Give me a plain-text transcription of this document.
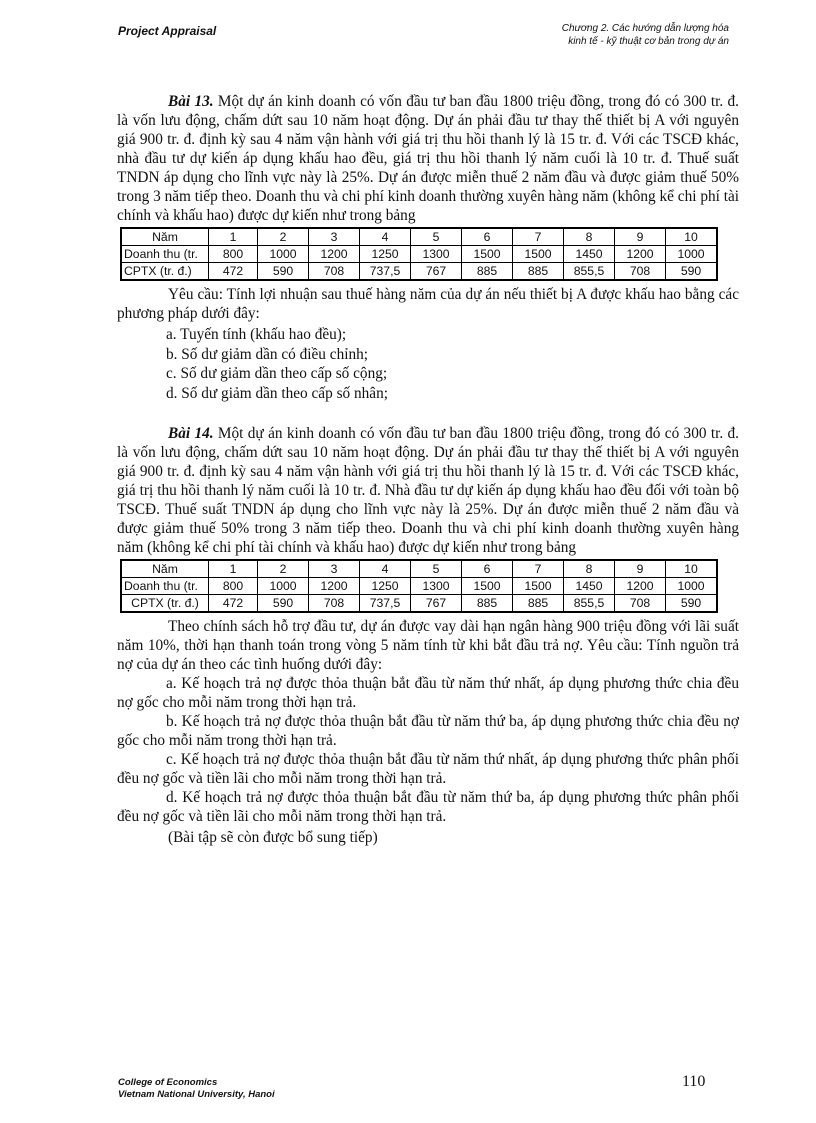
Project Appraisal	Chương 2. Các hướng dẫn lượng hóa
kinh tế - kỹ thuật cơ bản trong dự án

Bài 13. Một dự án kinh doanh có vốn đầu tư ban đầu 1800 triệu đồng, trong đó có 300 tr. đ. là vốn lưu động, chấm dứt sau 10 năm hoạt động. Dự án phải đầu tư thay thế thiết bị A với nguyên giá 900 tr. đ. định kỳ sau 4 năm vận hành với giá trị thu hồi thanh lý là 15 tr. đ. Với các TSCĐ khác, nhà đầu tư dự kiến áp dụng khấu hao đều, giá trị thu hồi thanh lý năm cuối là 10 tr. đ. Thuế suất TNDN áp dụng cho lĩnh vực này là 25%. Dự án được miễn thuế 2 năm đầu và được giảm thuế 50% trong 3 năm tiếp theo. Doanh thu và chi phí kinh doanh thường xuyên hàng năm (không kể chi phí tài chính và khấu hao) được dự kiến như trong bảng

Năm	1	2	3	4	5	6	7	8	9	10
Doanh thu (tr.	800	1000	1200	1250	1300	1500	1500	1450	1200	1000
CPTX (tr. đ.)	472	590	708	737,5	767	885	885	855,5	708	590

Yêu cầu: Tính lợi nhuận sau thuế hàng năm của dự án nếu thiết bị A được khấu hao bằng các phương pháp dưới đây:

a. Tuyến tính (khấu hao đều);
b. Số dư giảm dần có điều chỉnh;
c. Số dư giảm dần theo cấp số cộng;
d. Số dư giảm dần theo cấp số nhân;

Bài 14. Một dự án kinh doanh có vốn đầu tư ban đầu 1800 triệu đồng, trong đó có 300 tr. đ. là vốn lưu động, chấm dứt sau 10 năm hoạt động. Dự án phải đầu tư thay thế thiết bị A với nguyên giá 900 tr. đ. định kỳ sau 4 năm vận hành với giá trị thu hồi thanh lý là 15 tr. đ. Với các TSCĐ khác, giá trị thu hồi thanh lý năm cuối là 10 tr. đ. Nhà đầu tư dự kiến áp dụng khấu hao đều đối với toàn bộ TSCĐ. Thuế suất TNDN áp dụng cho lĩnh vực này là 25%. Dự án được miễn thuế 2 năm đầu và được giảm thuế 50% trong 3 năm tiếp theo. Doanh thu và chi phí kinh doanh thường xuyên hàng năm (không kể chi phí tài chính và khấu hao) được dự kiến như trong bảng

Năm	1	2	3	4	5	6	7	8	9	10
Doanh thu (tr.	800	1000	1200	1250	1300	1500	1500	1450	1200	1000
CPTX (tr. đ.)	472	590	708	737,5	767	885	885	855,5	708	590

Theo chính sách hỗ trợ đầu tư, dự án được vay dài hạn ngân hàng 900 triệu đồng với lãi suất năm 10%, thời hạn thanh toán trong vòng 5 năm tính từ khi bắt đầu trả nợ. Yêu cầu: Tính nguồn trả nợ của dự án theo các tình huống dưới đây:

a. Kế hoạch trả nợ được thỏa thuận bắt đầu từ năm thứ nhất, áp dụng phương thức chia đều nợ gốc cho mỗi năm trong thời hạn trả.

b. Kế hoạch trả nợ được thỏa thuận bắt đầu từ năm thứ ba, áp dụng phương thức chia đều nợ gốc cho mỗi năm trong thời hạn trả.

c. Kế hoạch trả nợ được thỏa thuận bắt đầu từ năm thứ nhất, áp dụng phương thức phân phối đều nợ gốc và tiền lãi cho mỗi năm trong thời hạn trả.

d. Kế hoạch trả nợ được thỏa thuận bắt đầu từ năm thứ ba, áp dụng phương thức phân phối đều nợ gốc và tiền lãi cho mỗi năm trong thời hạn trả.

(Bài tập sẽ còn được bổ sung tiếp)
College of Economics
Vietnam National University, Hanoi
110
